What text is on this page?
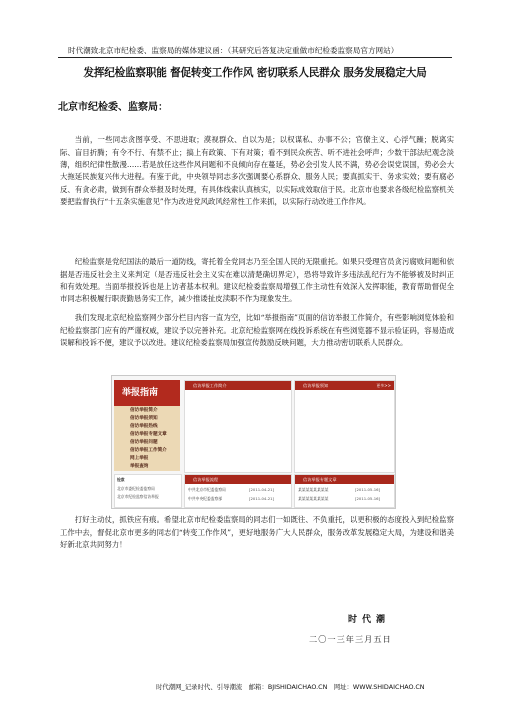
时代潮致北京市纪检委、监察局的媒体建议函：（其研究后答复决定重做市纪检委监察局官方网站）
发挥纪检监察职能 督促转变工作作风 密切联系人民群众 服务发展稳定大局
北京市纪检委、监察局：

当前，一些同志贪图享受、不思进取；漠视群众、自以为是；以权谋私、办事不公；官僚主义、心浮气躁；脱离实际、盲目折腾；有令不行、有禁不止；搞上有政策、下有对策；看不到民众疾苦、听不进社会呼声；少数干部法纪观念淡薄，组织纪律性散漫……若是放任这些作风问题和不良倾向存在蔓延，势必会引发人民不满，势必会误党误国，势必会大大拖延民族复兴伟大进程。有鉴于此，中央领导同志多次强调要心系群众、服务人民；要真抓实干、务求实效；要有腐必反、有贪必肃，做到有群众举报及时处理，有具体线索认真核实，以实际成效取信于民。北京市也要求各级纪检监察机关要把监督执行“十五条实施意见”作为改进党风政风经常性工作来抓，以实际行动改进工作作风。

纪检监察是党纪国法的最后一道防线，寄托着全党同志乃至全国人民的无限重托。如果只受理官员贪污腐败问题和依据是否违反社会主义来判定（是否违反社会主义实在难以清楚确切界定），恐将导致许多违法乱纪行为不能够被及时纠正和有效处理。当面举报投诉也是上访者基本权利。建议纪检委监察局增强工作主动性有效深入发挥职能，教育帮助督促全市同志积极履行职责勤恳务实工作，减少推诿扯皮渎职不作为现象发生。

我们发现北京纪检监察网少部分栏目内容一直为空，比如“举报指南”页面的信访举报工作简介，有些影响浏览体验和纪检监察部门应有的严谨权威，建议予以完善补充。北京纪检监察网在线投诉系统在有些浏览器不显示验证码，容易造成误解和投诉不便，建议予以改进。建议纪检委监察局加强宣传鼓励反映问题，大力推动密切联系人民群众。

举报指南
信访举报简介
信访举报须知
信访举报热线
信访举报专题文章
信访举报问题
信访举报工作简介
网上举报
举报查询
信访举报工作简介	信访举报须知	更多>>
检索
北京市委纪检委监察局
北京市纪检监察信访举报
信访举报流程
中共北京市纪委监察局	[2011-04-21]
中共中央纪委监察部	[2011-04-21]
信访举报专题文章
某某某某某某某某	[2011-05-16]
某某某某某某某某	[2011-05-16]

打好主动仗，抓铁应有痕。希望北京市纪检委监察局的同志们一如既往、不负重托，以更积极的态度投入到纪检监察工作中去，督促北京市更多的同志们“转变工作作风”，更好地服务广大人民群众，服务改革发展稳定大局，为建设和谐美好新北京共同努力！

时代潮
二〇一三年三月五日
时代潮网_记录时代、引导潮流　邮箱：BJISHIDAICHAO.CN　网址：WWW.SHIDAICHAO.CN
